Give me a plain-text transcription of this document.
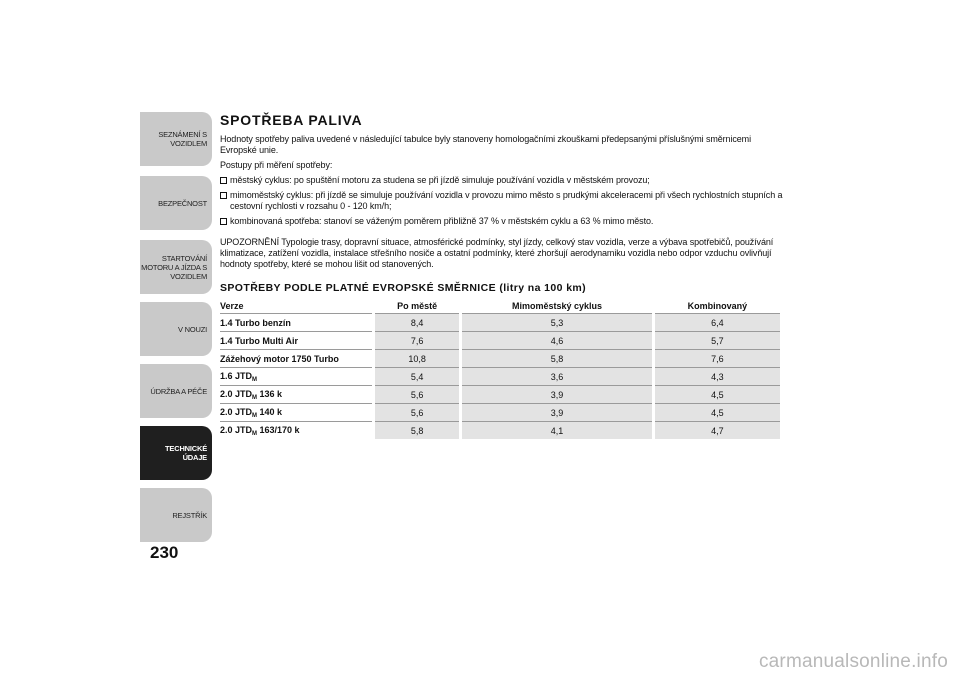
SEZNÁMENÍ S
VOZIDLEM
BEZPEČNOST
STARTOVÁNÍ
MOTORU A JÍZDA S
VOZIDLEM
V NOUZI
ÚDRŽBA A PÉČE
TECHNICKÉ ÚDAJE
REJSTŘÍK
230
SPOTŘEBA PALIVA

Hodnoty spotřeby paliva uvedené v následující tabulce byly stanoveny homologačními zkouškami předepsanými příslušnými směrnicemi Evropské unie.

Postupy při měření spotřeby:

městský cyklus: po spuštění motoru za studena se při jízdě simuluje používání vozidla v městském provozu;

mimoměstský cyklus: při jízdě se simuluje používání vozidla v provozu mimo město s prudkými akceleracemi při všech rychlostních stupních a cestovní rychlosti v rozsahu 0 - 120 km/h;

kombinovaná spotřeba: stanoví se váženým poměrem přibližně 37 % v městském cyklu a 63 % mimo město.

UPOZORNĚNÍ Typologie trasy, dopravní situace, atmosférické podmínky, styl jízdy, celkový stav vozidla, verze a výbava spotřebičů, používání klimatizace, zatížení vozidla, instalace střešního nosiče a ostatní podmínky, které zhoršují aerodynamiku vozidla nebo odpor vzduchu ovlivňují hodnoty spotřeby, které se mohou lišit od stanovených.

SPOTŘEBY PODLE PLATNÉ EVROPSKÉ SMĚRNICE (litry na 100 km)
Verze		Po městě		Mimoměstský cyklus		Kombinovaný
1.4 Turbo benzín		8,4		5,3		6,4
1.4 Turbo Multi Air		7,6		4,6		5,7
Zážehový motor 1750 Turbo		10,8		5,8		7,6
1.6 $JTD_M$		5,4		3,6		4,3
2.0 $JTD_M$ 136 k		5,6		3,9		4,5
2.0 $JTD_M$ 140 k		5,6		3,9		4,5
2.0 $JTD_M$ 163/170 k		5,8		4,1		4,7
carmanualsonline.info
